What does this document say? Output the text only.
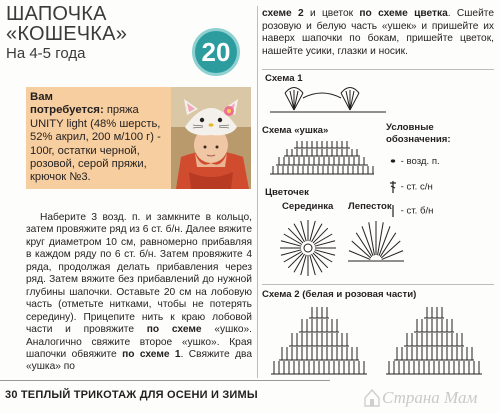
ШАПОЧКА
«КОШЕЧКА»
На 4-5 года	20
Вам
потребуется: пряжа UNITY light (48% шерсть, 52% акрил, 200 м/100 г) - 100г, остатки черной, розовой, серой пряжи, крючок №3.

Наберите 3 возд. п. и замкните в кольцо, затем провяжите ряд из 6 ст. б/н. Далее вяжите круг диаметром 10 см, равномерно прибавляя в каждом ряду по 6 ст. б/н. Затем провяжите 4 ряда, продолжая делать прибавления через ряд. Затем вяжите без прибавлений до нужной глубины шапочки. Оставьте 20 см на лобовую часть (отметьте нитками, чтобы не потерять середину). Прицепите нить к краю лобовой части и провяжите по схеме «ушко». Аналогично свяжите второе «ушко». Края шапочки обвяжите по схеме 1. Свяжите два «ушка» по

схеме 2 и цветок по схеме цветка. Сшейте розовую и белую часть «ушек» и пришейте их наверх шапочки по бокам, пришейте цветок, нашейте усики, глазки и носик.
Схема 1
Схема «ушка»	Условные
обозначения:
- возд. п.
- ст. с/н
- ст. б/н
Цветочек
Серединка Лепесток
Схема 2 (белая и розовая части)
30 ТЕПЛЫЙ ТРИКОТАЖ ДЛЯ ОСЕНИ И ЗИМЫ	Страна Мам
